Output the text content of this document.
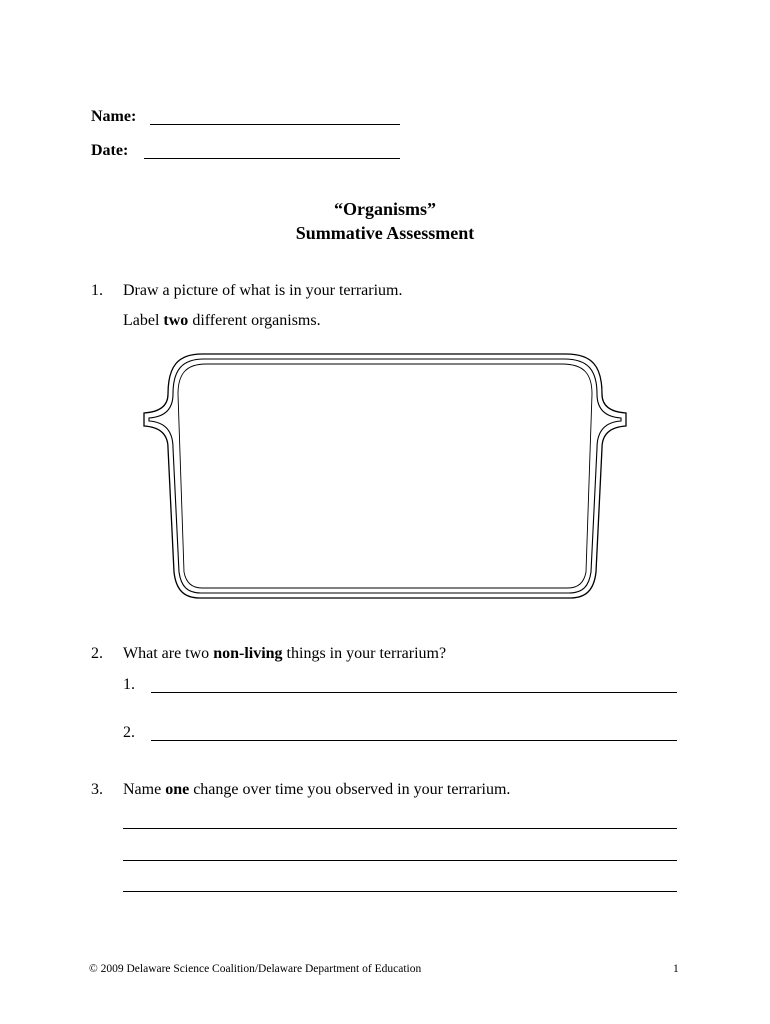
Name:
Date:
“Organisms”
Summative Assessment
1. Draw a picture of what is in your terrarium.
Label two different organisms.
2. What are two non-living things in your terrarium?
1.
2.
3. Name one change over time you observed in your terrarium.
© 2009 Delaware Science Coalition/Delaware Department of Education	1
